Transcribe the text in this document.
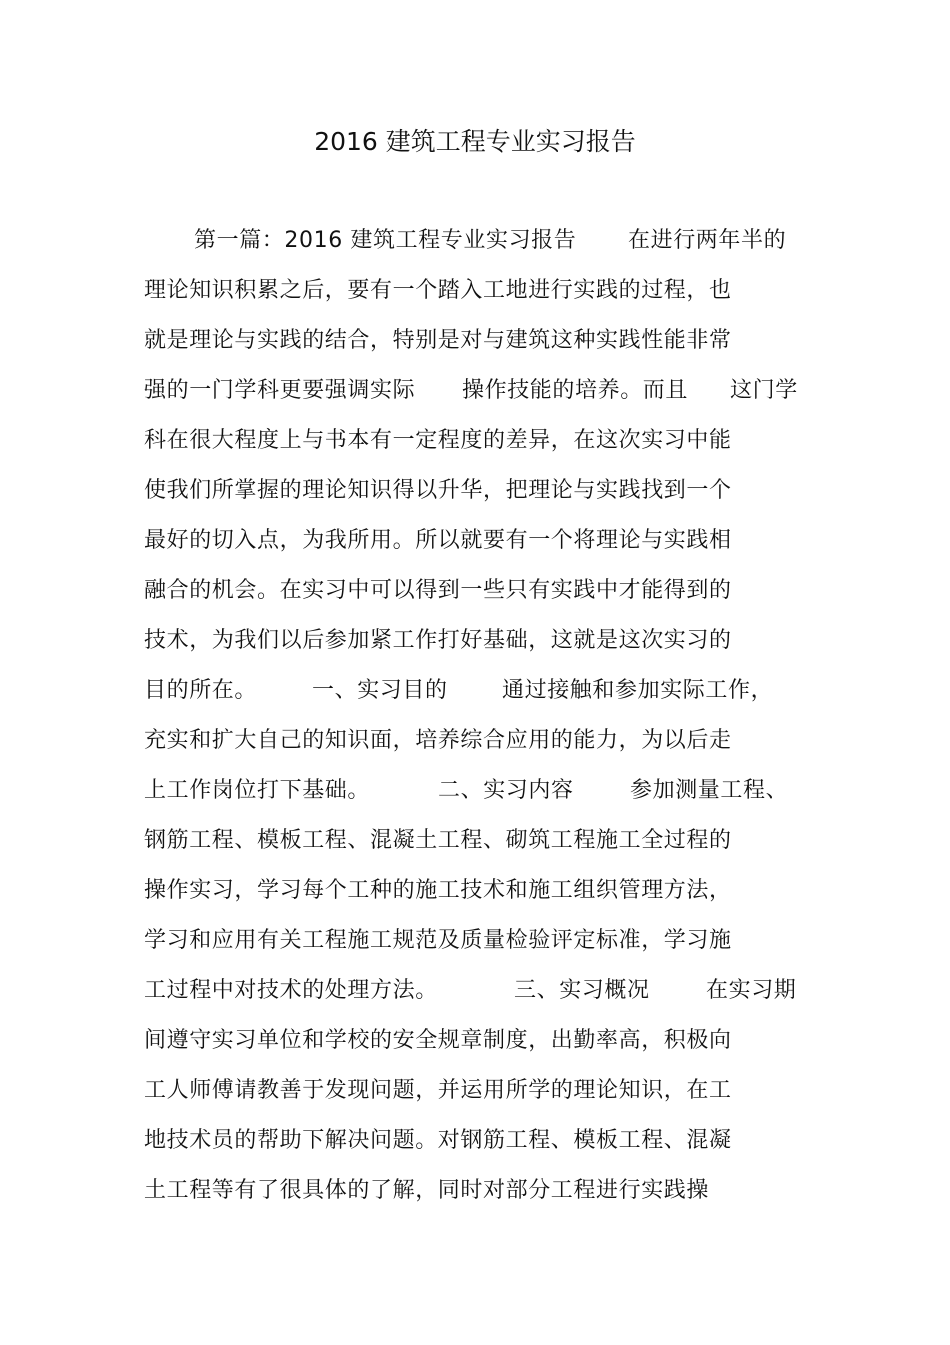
2016 建筑工程专业实习报告

第一篇：2016 建筑工程专业实习报告

在进行两年半的

理论知识积累之后，要有一个踏入工地进行实践的过程，也

就是理论与实践的结合，特别是对与建筑这种实践性能非常

强的一门学科更要强调实际

操作技能的培养。而且

这门学

科在很大程度上与书本有一定程度的差异，在这次实习中能

使我们所掌握的理论知识得以升华，把理论与实践找到一个

最好的切入点，为我所用。所以就要有一个将理论与实践相

融合的机会。在实习中可以得到一些只有实践中才能得到的

技术，为我们以后参加紧工作打好基础，这就是这次实习的

目的所在。

一、实习目的

通过接触和参加实际工作，

充实和扩大自己的知识面，培养综合应用的能力，为以后走

上工作岗位打下基础。

	二、实习内容

	参加测量工程、

钢筋工程、模板工程、混凝土工程、砌筑工程施工全过程的

操作实习，学习每个工种的施工技术和施工组织管理方法，

学习和应用有关工程施工规范及质量检验评定标准，学习施

工过程中对技术的处理方法。

	三、实习概况

	在实习期

间遵守实习单位和学校的安全规章制度，出勤率高，积极向

工人师傅请教善于发现问题，并运用所学的理论知识，在工

地技术员的帮助下解决问题。对钢筋工程、模板工程、混凝

土工程等有了很具体的了解，同时对部分工程进行实践操
